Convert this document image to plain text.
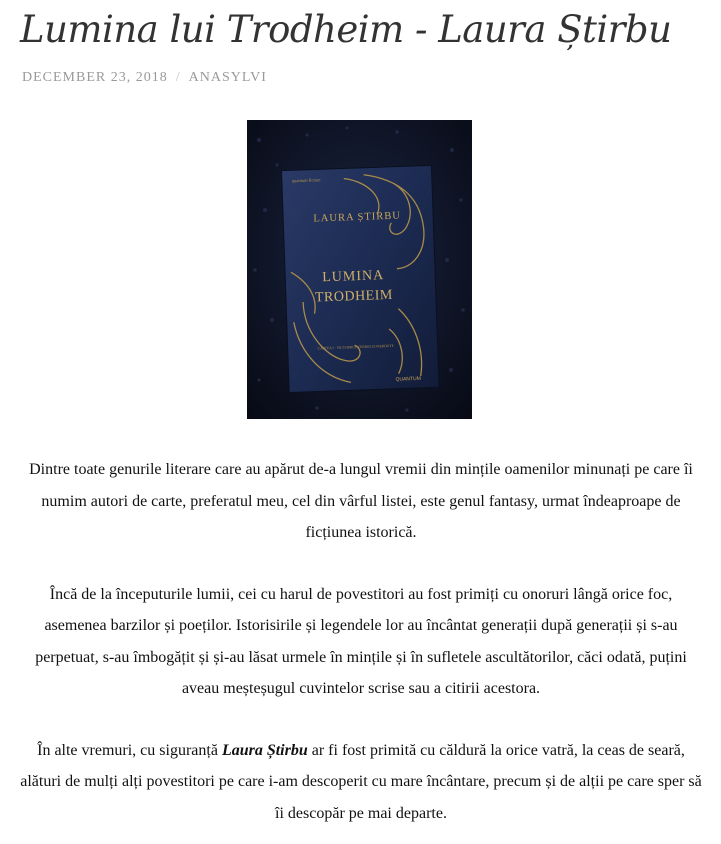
Lumina lui Trodheim - Laura Știrbu
DECEMBER 23, 2018 / ANASYLVI
quantum fiction
LAURA ȘTIRBU
LUMINA
TRODHEIM
CARTEA I · VICTORIILE VERDELUI PIERDUTE
QUANTUM

Dintre toate genurile literare care au apărut de-a lungul vremii din mințile oamenilor minunați pe care îi numim autori de carte, preferatul meu, cel din vârful listei, este genul fantasy, urmat îndeaproape de ficțiunea istorică.

Încă de la începuturile lumii, cei cu harul de povestitori au fost primiți cu onoruri lângă orice foc, asemenea barzilor și poeților. Istorisirile și legendele lor au încântat generații după generații și s-au perpetuat, s-au îmbogățit și și-au lăsat urmele în mințile și în sufletele ascultătorilor, căci odată, puțini aveau meșteșugul cuvintelor scrise sau a citirii acestora.

În alte vremuri, cu siguranță Laura Știrbu ar fi fost primită cu căldură la orice vatră, la ceas de seară, alături de mulți alți povestitori pe care i-am descoperit cu mare încântare, precum și de alții pe care sper să îi descopăr pe mai departe.
